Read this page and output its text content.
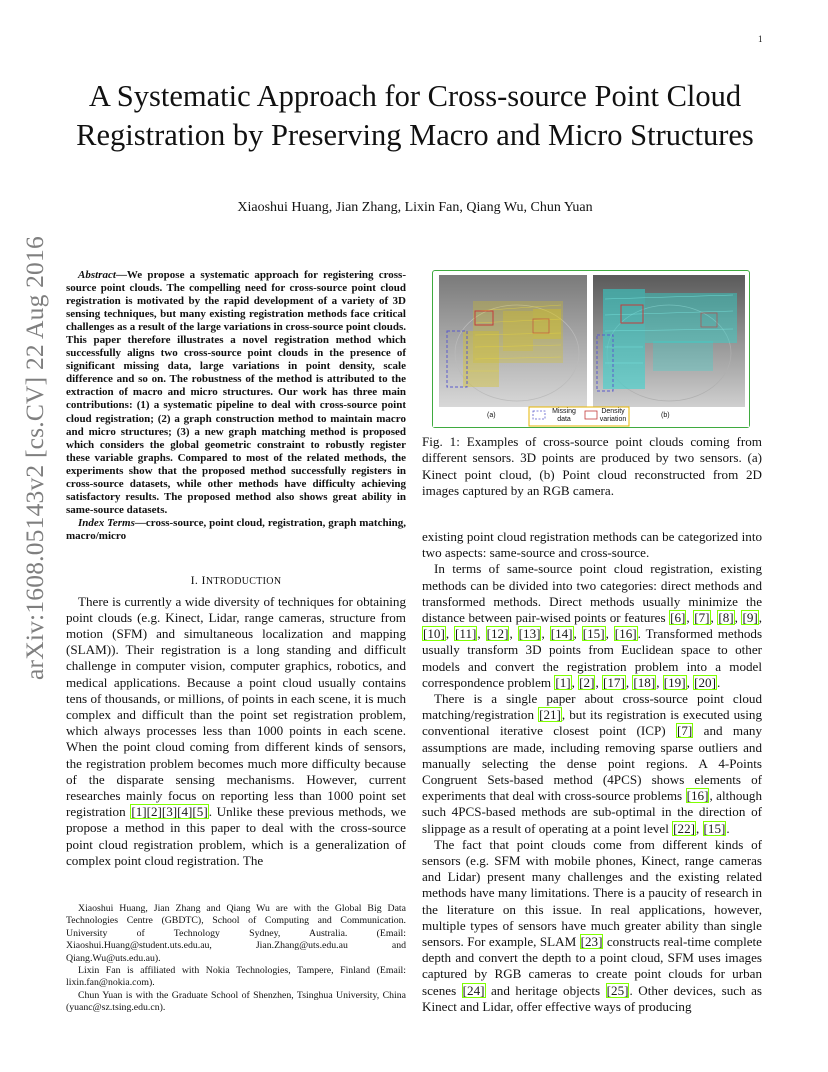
1
A Systematic Approach for Cross-source Point Cloud Registration by Preserving Macro and Micro Structures
Xiaoshui Huang, Jian Zhang, Lixin Fan, Qiang Wu, Chun Yuan
arXiv:1608.05143v2 [cs.CV] 22 Aug 2016	Abstract—We propose a systematic approach for registering cross-source point clouds. The compelling need for cross-source point cloud registration is motivated by the rapid development of a variety of 3D sensing techniques, but many existing registration methods face critical challenges as a result of the large variations in cross-source point clouds. This paper therefore illustrates a novel registration method which successfully aligns two cross-source point clouds in the presence of significant missing data, large variations in point density, scale difference and so on. The robustness of the method is attributed to the extraction of macro and micro structures. Our work has three main contributions: (1) a systematic pipeline to deal with cross-source point cloud registration; (2) a graph construction method to maintain macro and micro structures; (3) a new graph matching method is proposed which considers the global geometric constraint to robustly register these variable graphs. Compared to most of the related methods, the experiments show that the proposed method successfully registers in cross-source datasets, while other methods have difficulty achieving satisfactory results. The proposed method also shows great ability in same-source datasets.

Index Terms—cross-source, point cloud, registration, graph matching, macro/micro

I. INTRODUCTION

There is currently a wide diversity of techniques for obtaining point clouds (e.g. Kinect, Lidar, range cameras, structure from motion (SFM) and simultaneous localization and mapping (SLAM)). Their registration is a long standing and difficult challenge in computer vision, computer graphics, robotics, and medical applications. Because a point cloud usually contains tens of thousands, or millions, of points in each scene, it is much complex and difficult than the point set registration problem, which always processes less than 1000 points in each scene. When the point cloud coming from different kinds of sensors, the registration problem becomes much more difficulty because of the disparate sensing mechanisms. However, current researches mainly focus on reporting less than 1000 point set registration [1][2][3][4][5]. Unlike these previous methods, we propose a method in this paper to deal with the cross-source point cloud registration problem, which is a generalization of complex point cloud registration. The

Xiaoshui Huang, Jian Zhang and Qiang Wu are with the Global Big Data Technologies Centre (GBDTC), School of Computing and Communication. University of Technology Sydney, Australia. (Email: Xiaoshui.Huang@student.uts.edu.au, Jian.Zhang@uts.edu.au and Qiang.Wu@uts.edu.au).

Lixin Fan is affiliated with Nokia Technologies, Tampere, Finland (Email: lixin.fan@nokia.com).

Chun Yuan is with the Graduate School of Shenzhen, Tsinghua University, China (yuanc@sz.tsing.edu.cn).

(a)	(b)
Missing data
Density variation
Fig. 1: Examples of cross-source point clouds coming from different sensors. 3D points are produced by two sensors. (a) Kinect point cloud, (b) Point cloud reconstructed from 2D images captured by an RGB camera.

existing point cloud registration methods can be categorized into two aspects: same-source and cross-source.

In terms of same-source point cloud registration, existing methods can be divided into two categories: direct methods and transformed methods. Direct methods usually minimize the distance between pair-wised points or features [6], [7], [8], [9], [10], [11], [12], [13], [14], [15], [16]. Transformed methods usually transform 3D points from Euclidean space to other models and convert the registration problem into a model correspondence problem [1], [2], [17], [18], [19], [20].

There is a single paper about cross-source point cloud matching/registration [21], but its registration is executed using conventional iterative closest point (ICP) [7] and many assumptions are made, including removing sparse outliers and manually selecting the dense point regions. A 4-Points Congruent Sets-based method (4PCS) shows elements of experiments that deal with cross-source problems [16], although such 4PCS-based methods are sub-optimal in the direction of slippage as a result of operating at a point level [22], [15].

The fact that point clouds come from different kinds of sensors (e.g. SFM with mobile phones, Kinect, range cameras and Lidar) present many challenges and the existing related methods have many limitations. There is a paucity of research in the literature on this issue. In real applications, however, multiple types of sensors have much greater ability than single sensors. For example, SLAM [23] constructs real-time complete depth and convert the depth to a point cloud, SFM uses images captured by RGB cameras to create point clouds for urban scenes [24] and heritage objects [25]. Other devices, such as Kinect and Lidar, offer effective ways of producing
